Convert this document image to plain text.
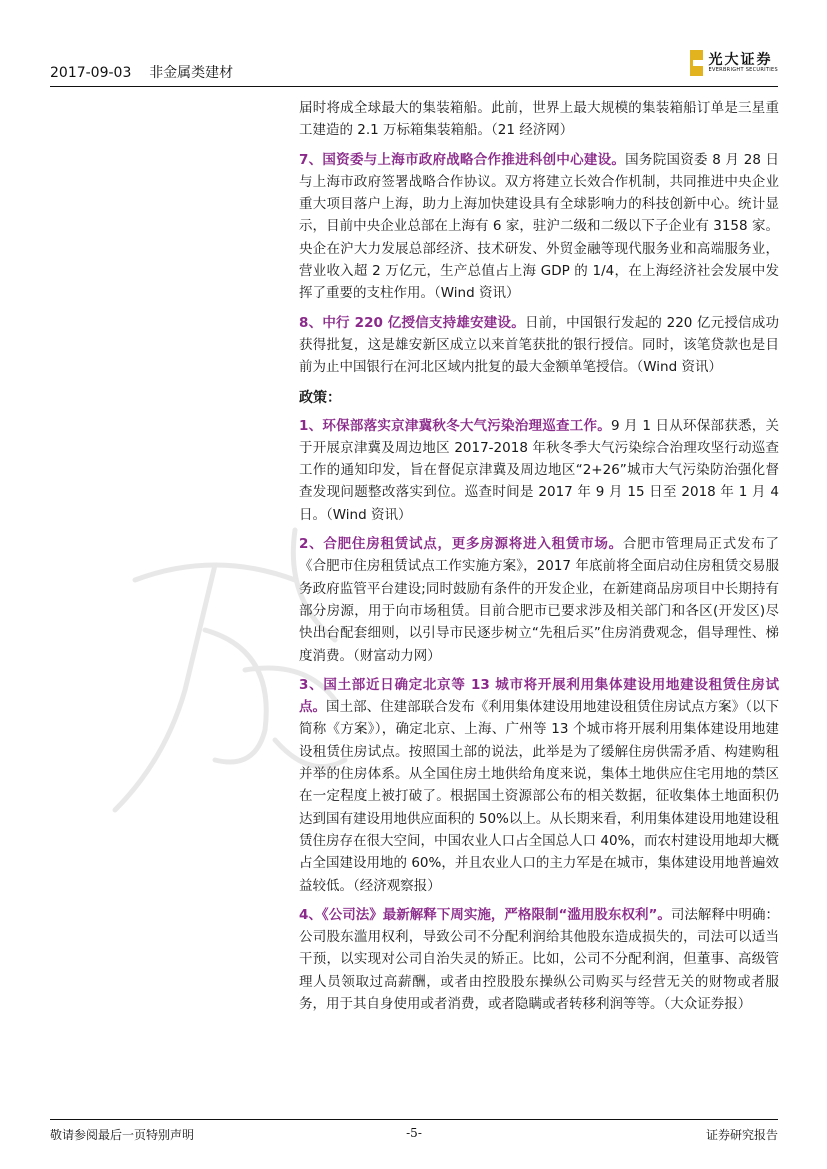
2017-09-03 非金属类建材
光大证券
EVERBRIGHT SECURITIES

届时将成全球最大的集装箱船。此前，世界上最大规模的集装箱船订单是三星重工建造的 2.1 万标箱集装箱船。（21 经济网）

7、国资委与上海市政府战略合作推进科创中心建设。国务院国资委 8 月 28 日与上海市政府签署战略合作协议。双方将建立长效合作机制，共同推进中央企业重大项目落户上海，助力上海加快建设具有全球影响力的科技创新中心。统计显示，目前中央企业总部在上海有 6 家，驻沪二级和二级以下子企业有 3158 家。央企在沪大力发展总部经济、技术研发、外贸金融等现代服务业和高端服务业，营业收入超 2 万亿元，生产总值占上海 GDP 的 1/4，在上海经济社会发展中发挥了重要的支柱作用。（Wind 资讯）

8、中行 220 亿授信支持雄安建设。日前，中国银行发起的 220 亿元授信成功获得批复，这是雄安新区成立以来首笔获批的银行授信。同时，该笔贷款也是目前为止中国银行在河北区域内批复的最大金额单笔授信。（Wind 资讯）

政策：

1、环保部落实京津冀秋冬大气污染治理巡查工作。9 月 1 日从环保部获悉，关于开展京津冀及周边地区 2017-2018 年秋冬季大气污染综合治理攻坚行动巡查工作的通知印发，旨在督促京津冀及周边地区“2+26”城市大气污染防治强化督查发现问题整改落实到位。巡查时间是 2017 年 9 月 15 日至 2018 年 1 月 4 日。（Wind 资讯）

2、合肥住房租赁试点，更多房源将进入租赁市场。合肥市管理局正式发布了《合肥市住房租赁试点工作实施方案》，2017 年底前将全面启动住房租赁交易服务政府监管平台建设;同时鼓励有条件的开发企业，在新建商品房项目中长期持有部分房源，用于向市场租赁。目前合肥市已要求涉及相关部门和各区(开发区)尽快出台配套细则，以引导市民逐步树立“先租后买”住房消费观念，倡导理性、梯度消费。（财富动力网）

3、国土部近日确定北京等 13 城市将开展利用集体建设用地建设租赁住房试点。国土部、住建部联合发布《利用集体建设用地建设租赁住房试点方案》（以下简称《方案》），确定北京、上海、广州等 13 个城市将开展利用集体建设用地建设租赁住房试点。按照国土部的说法，此举是为了缓解住房供需矛盾、构建购租并举的住房体系。从全国住房土地供给角度来说，集体土地供应住宅用地的禁区在一定程度上被打破了。根据国土资源部公布的相关数据，征收集体土地面积仍达到国有建设用地供应面积的 50%以上。从长期来看，利用集体建设用地建设租赁住房存在很大空间，中国农业人口占全国总人口 40%，而农村建设用地却大概占全国建设用地的 60%，并且农业人口的主力军是在城市，集体建设用地普遍效益较低。（经济观察报）

4、《公司法》最新解释下周实施，严格限制“滥用股东权利”。司法解释中明确：公司股东滥用权利，导致公司不分配利润给其他股东造成损失的，司法可以适当干预，以实现对公司自治失灵的矫正。比如，公司不分配利润，但董事、高级管理人员领取过高薪酬，或者由控股股东操纵公司购买与经营无关的财物或者服务，用于其自身使用或者消费，或者隐瞒或者转移利润等等。（大众证券报）

敬请参阅最后一页特别声明	-5-	证券研究报告
